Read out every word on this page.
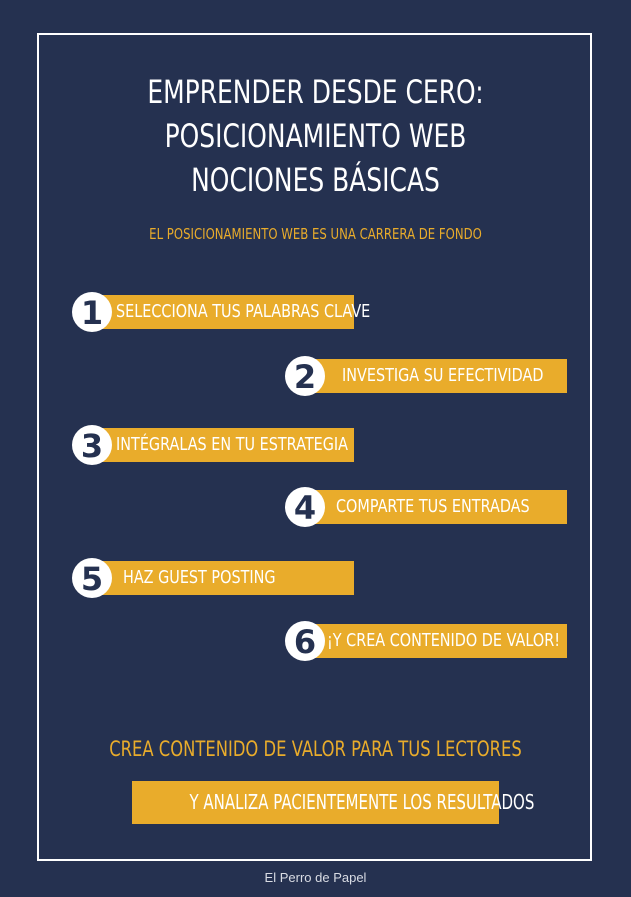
EMPRENDER DESDE CERO:
POSICIONAMIENTO WEB
NOCIONES BÁSICAS
EL POSICIONAMIENTO WEB ES UNA CARRERA DE FONDO
SELECCIONA TUS PALABRAS CLAVE
1
INVESTIGA SU EFECTIVIDAD
2
INTÉGRALAS EN TU ESTRATEGIA
3
COMPARTE TUS ENTRADAS
4
HAZ GUEST POSTING
5
¡Y CREA CONTENIDO DE VALOR!
6
CREA CONTENIDO DE VALOR PARA TUS LECTORES
Y ANALIZA PACIENTEMENTE LOS RESULTADOS
El Perro de Papel
